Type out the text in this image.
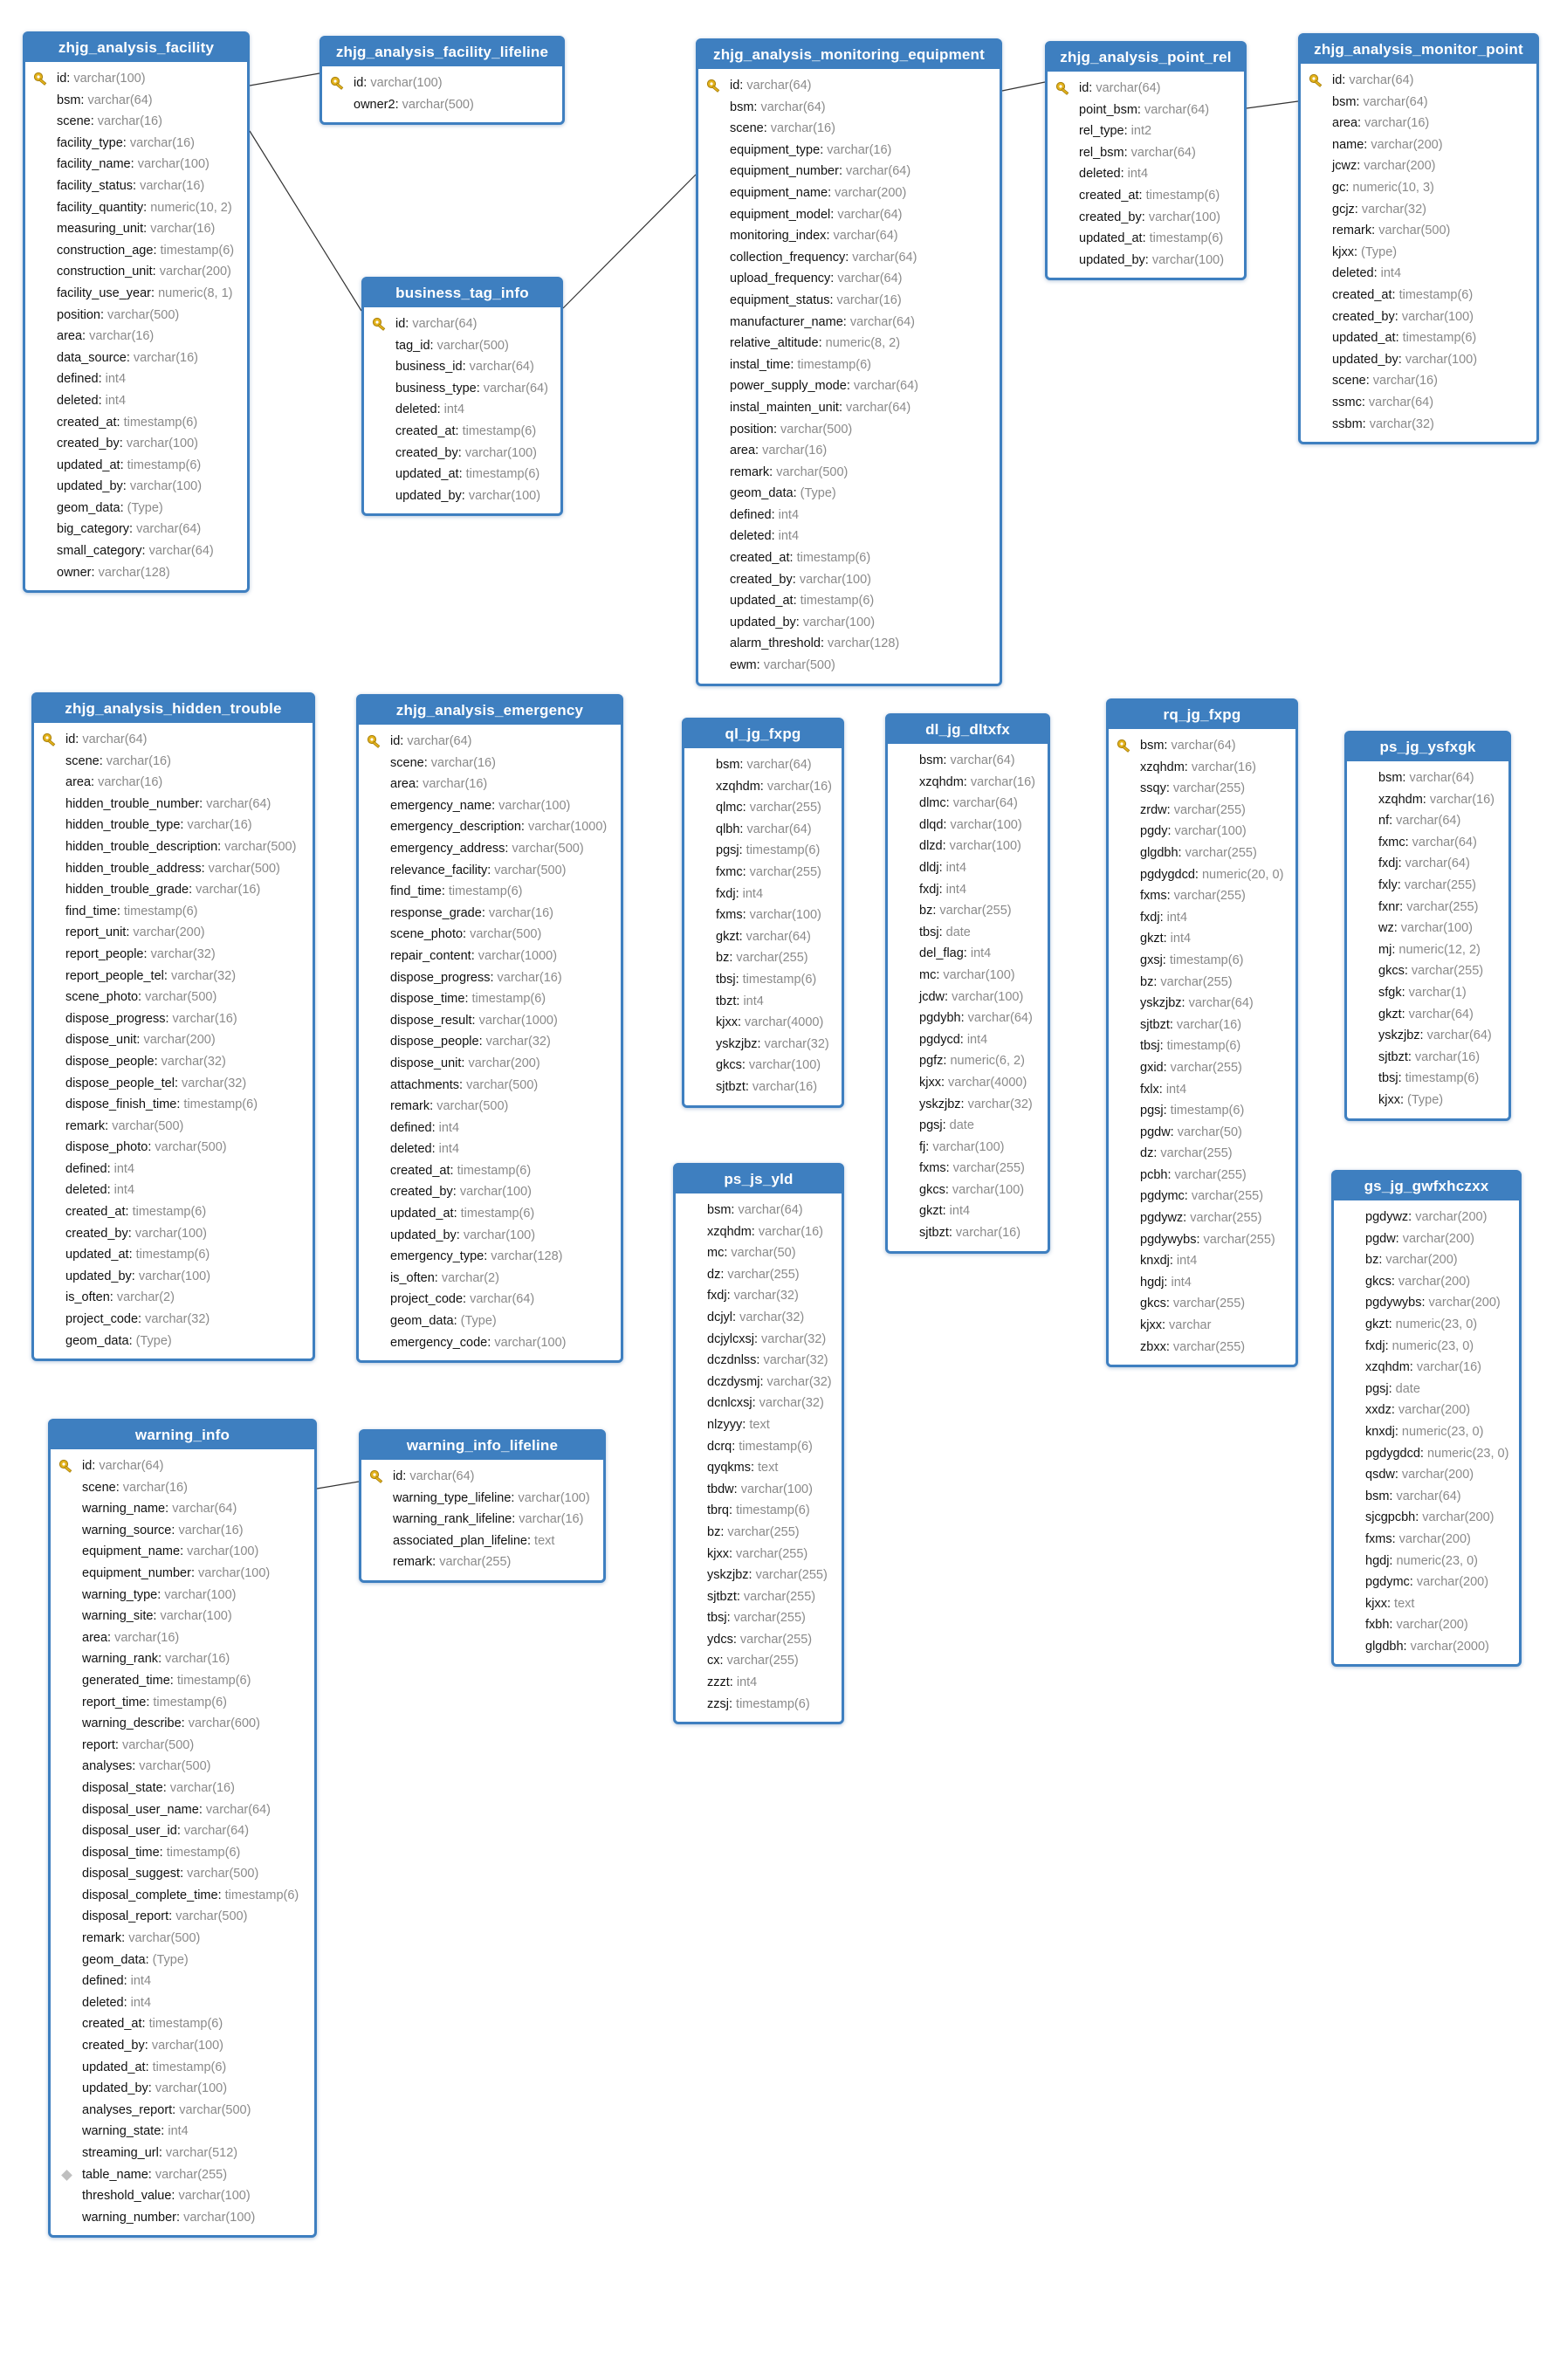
zhjg_analysis_facility
id: varchar(100)
bsm: varchar(64)
scene: varchar(16)
facility_type: varchar(16)
facility_name: varchar(100)
facility_status: varchar(16)
facility_quantity: numeric(10, 2)
measuring_unit: varchar(16)
construction_age: timestamp(6)
construction_unit: varchar(200)
facility_use_year: numeric(8, 1)
position: varchar(500)
area: varchar(16)
data_source: varchar(16)
defined: int4
deleted: int4
created_at: timestamp(6)
created_by: varchar(100)
updated_at: timestamp(6)
updated_by: varchar(100)
geom_data: (Type)
big_category: varchar(64)
small_category: varchar(64)
owner: varchar(128)
zhjg_analysis_facility_lifeline
id: varchar(100)
owner2: varchar(500)
business_tag_info
id: varchar(64)
tag_id: varchar(500)
business_id: varchar(64)
business_type: varchar(64)
deleted: int4
created_at: timestamp(6)
created_by: varchar(100)
updated_at: timestamp(6)
updated_by: varchar(100)
zhjg_analysis_monitoring_equipment
id: varchar(64)
bsm: varchar(64)
scene: varchar(16)
equipment_type: varchar(16)
equipment_number: varchar(64)
equipment_name: varchar(200)
equipment_model: varchar(64)
monitoring_index: varchar(64)
collection_frequency: varchar(64)
upload_frequency: varchar(64)
equipment_status: varchar(16)
manufacturer_name: varchar(64)
relative_altitude: numeric(8, 2)
instal_time: timestamp(6)
power_supply_mode: varchar(64)
instal_mainten_unit: varchar(64)
position: varchar(500)
area: varchar(16)
remark: varchar(500)
geom_data: (Type)
defined: int4
deleted: int4
created_at: timestamp(6)
created_by: varchar(100)
updated_at: timestamp(6)
updated_by: varchar(100)
alarm_threshold: varchar(128)
ewm: varchar(500)
zhjg_analysis_point_rel
id: varchar(64)
point_bsm: varchar(64)
rel_type: int2
rel_bsm: varchar(64)
deleted: int4
created_at: timestamp(6)
created_by: varchar(100)
updated_at: timestamp(6)
updated_by: varchar(100)
zhjg_analysis_monitor_point
id: varchar(64)
bsm: varchar(64)
area: varchar(16)
name: varchar(200)
jcwz: varchar(200)
gc: numeric(10, 3)
gcjz: varchar(32)
remark: varchar(500)
kjxx: (Type)
deleted: int4
created_at: timestamp(6)
created_by: varchar(100)
updated_at: timestamp(6)
updated_by: varchar(100)
scene: varchar(16)
ssmc: varchar(64)
ssbm: varchar(32)
zhjg_analysis_hidden_trouble
id: varchar(64)
scene: varchar(16)
area: varchar(16)
hidden_trouble_number: varchar(64)
hidden_trouble_type: varchar(16)
hidden_trouble_description: varchar(500)
hidden_trouble_address: varchar(500)
hidden_trouble_grade: varchar(16)
find_time: timestamp(6)
report_unit: varchar(200)
report_people: varchar(32)
report_people_tel: varchar(32)
scene_photo: varchar(500)
dispose_progress: varchar(16)
dispose_unit: varchar(200)
dispose_people: varchar(32)
dispose_people_tel: varchar(32)
dispose_finish_time: timestamp(6)
remark: varchar(500)
dispose_photo: varchar(500)
defined: int4
deleted: int4
created_at: timestamp(6)
created_by: varchar(100)
updated_at: timestamp(6)
updated_by: varchar(100)
is_often: varchar(2)
project_code: varchar(32)
geom_data: (Type)
zhjg_analysis_emergency
id: varchar(64)
scene: varchar(16)
area: varchar(16)
emergency_name: varchar(100)
emergency_description: varchar(1000)
emergency_address: varchar(500)
relevance_facility: varchar(500)
find_time: timestamp(6)
response_grade: varchar(16)
scene_photo: varchar(500)
repair_content: varchar(1000)
dispose_progress: varchar(16)
dispose_time: timestamp(6)
dispose_result: varchar(1000)
dispose_people: varchar(32)
dispose_unit: varchar(200)
attachments: varchar(500)
remark: varchar(500)
defined: int4
deleted: int4
created_at: timestamp(6)
created_by: varchar(100)
updated_at: timestamp(6)
updated_by: varchar(100)
emergency_type: varchar(128)
is_often: varchar(2)
project_code: varchar(64)
geom_data: (Type)
emergency_code: varchar(100)
ql_jg_fxpg
bsm: varchar(64)
xzqhdm: varchar(16)
qlmc: varchar(255)
qlbh: varchar(64)
pgsj: timestamp(6)
fxmc: varchar(255)
fxdj: int4
fxms: varchar(100)
gkzt: varchar(64)
bz: varchar(255)
tbsj: timestamp(6)
tbzt: int4
kjxx: varchar(4000)
yskzjbz: varchar(32)
gkcs: varchar(100)
sjtbzt: varchar(16)
dl_jg_dltxfx
bsm: varchar(64)
xzqhdm: varchar(16)
dlmc: varchar(64)
dlqd: varchar(100)
dlzd: varchar(100)
dldj: int4
fxdj: int4
bz: varchar(255)
tbsj: date
del_flag: int4
mc: varchar(100)
jcdw: varchar(100)
pgdybh: varchar(64)
pgdycd: int4
pgfz: numeric(6, 2)
kjxx: varchar(4000)
yskzjbz: varchar(32)
pgsj: date
fj: varchar(100)
fxms: varchar(255)
gkcs: varchar(100)
gkzt: int4
sjtbzt: varchar(16)
rq_jg_fxpg
bsm: varchar(64)
xzqhdm: varchar(16)
ssqy: varchar(255)
zrdw: varchar(255)
pgdy: varchar(100)
glgdbh: varchar(255)
pgdygdcd: numeric(20, 0)
fxms: varchar(255)
fxdj: int4
gkzt: int4
gxsj: timestamp(6)
bz: varchar(255)
yskzjbz: varchar(64)
sjtbzt: varchar(16)
tbsj: timestamp(6)
gxid: varchar(255)
fxlx: int4
pgsj: timestamp(6)
pgdw: varchar(50)
dz: varchar(255)
pcbh: varchar(255)
pgdymc: varchar(255)
pgdywz: varchar(255)
pgdywybs: varchar(255)
knxdj: int4
hgdj: int4
gkcs: varchar(255)
kjxx: varchar
zbxx: varchar(255)
ps_jg_ysfxgk
bsm: varchar(64)
xzqhdm: varchar(16)
nf: varchar(64)
fxmc: varchar(64)
fxdj: varchar(64)
fxly: varchar(255)
fxnr: varchar(255)
wz: varchar(100)
mj: numeric(12, 2)
gkcs: varchar(255)
sfgk: varchar(1)
gkzt: varchar(64)
yskzjbz: varchar(64)
sjtbzt: varchar(16)
tbsj: timestamp(6)
kjxx: (Type)
ps_js_yld
bsm: varchar(64)
xzqhdm: varchar(16)
mc: varchar(50)
dz: varchar(255)
fxdj: varchar(32)
dcjyl: varchar(32)
dcjylcxsj: varchar(32)
dczdnlss: varchar(32)
dczdysmj: varchar(32)
dcnlcxsj: varchar(32)
nlzyyy: text
dcrq: timestamp(6)
qyqkms: text
tbdw: varchar(100)
tbrq: timestamp(6)
bz: varchar(255)
kjxx: varchar(255)
yskzjbz: varchar(255)
sjtbzt: varchar(255)
tbsj: varchar(255)
ydcs: varchar(255)
cx: varchar(255)
zzzt: int4
zzsj: timestamp(6)
gs_jg_gwfxhczxx
pgdywz: varchar(200)
pgdw: varchar(200)
bz: varchar(200)
gkcs: varchar(200)
pgdywybs: varchar(200)
gkzt: numeric(23, 0)
fxdj: numeric(23, 0)
xzqhdm: varchar(16)
pgsj: date
xxdz: varchar(200)
knxdj: numeric(23, 0)
pgdygdcd: numeric(23, 0)
qsdw: varchar(200)
bsm: varchar(64)
sjcgpcbh: varchar(200)
fxms: varchar(200)
hgdj: numeric(23, 0)
pgdymc: varchar(200)
kjxx: text
fxbh: varchar(200)
glgdbh: varchar(2000)
warning_info
id: varchar(64)
scene: varchar(16)
warning_name: varchar(64)
warning_source: varchar(16)
equipment_name: varchar(100)
equipment_number: varchar(100)
warning_type: varchar(100)
warning_site: varchar(100)
area: varchar(16)
warning_rank: varchar(16)
generated_time: timestamp(6)
report_time: timestamp(6)
warning_describe: varchar(600)
report: varchar(500)
analyses: varchar(500)
disposal_state: varchar(16)
disposal_user_name: varchar(64)
disposal_user_id: varchar(64)
disposal_time: timestamp(6)
disposal_suggest: varchar(500)
disposal_complete_time: timestamp(6)
disposal_report: varchar(500)
remark: varchar(500)
geom_data: (Type)
defined: int4
deleted: int4
created_at: timestamp(6)
created_by: varchar(100)
updated_at: timestamp(6)
updated_by: varchar(100)
analyses_report: varchar(500)
warning_state: int4
streaming_url: varchar(512)
table_name: varchar(255)
threshold_value: varchar(100)
warning_number: varchar(100)
warning_info_lifeline
id: varchar(64)
warning_type_lifeline: varchar(100)
warning_rank_lifeline: varchar(16)
associated_plan_lifeline: text
remark: varchar(255)
